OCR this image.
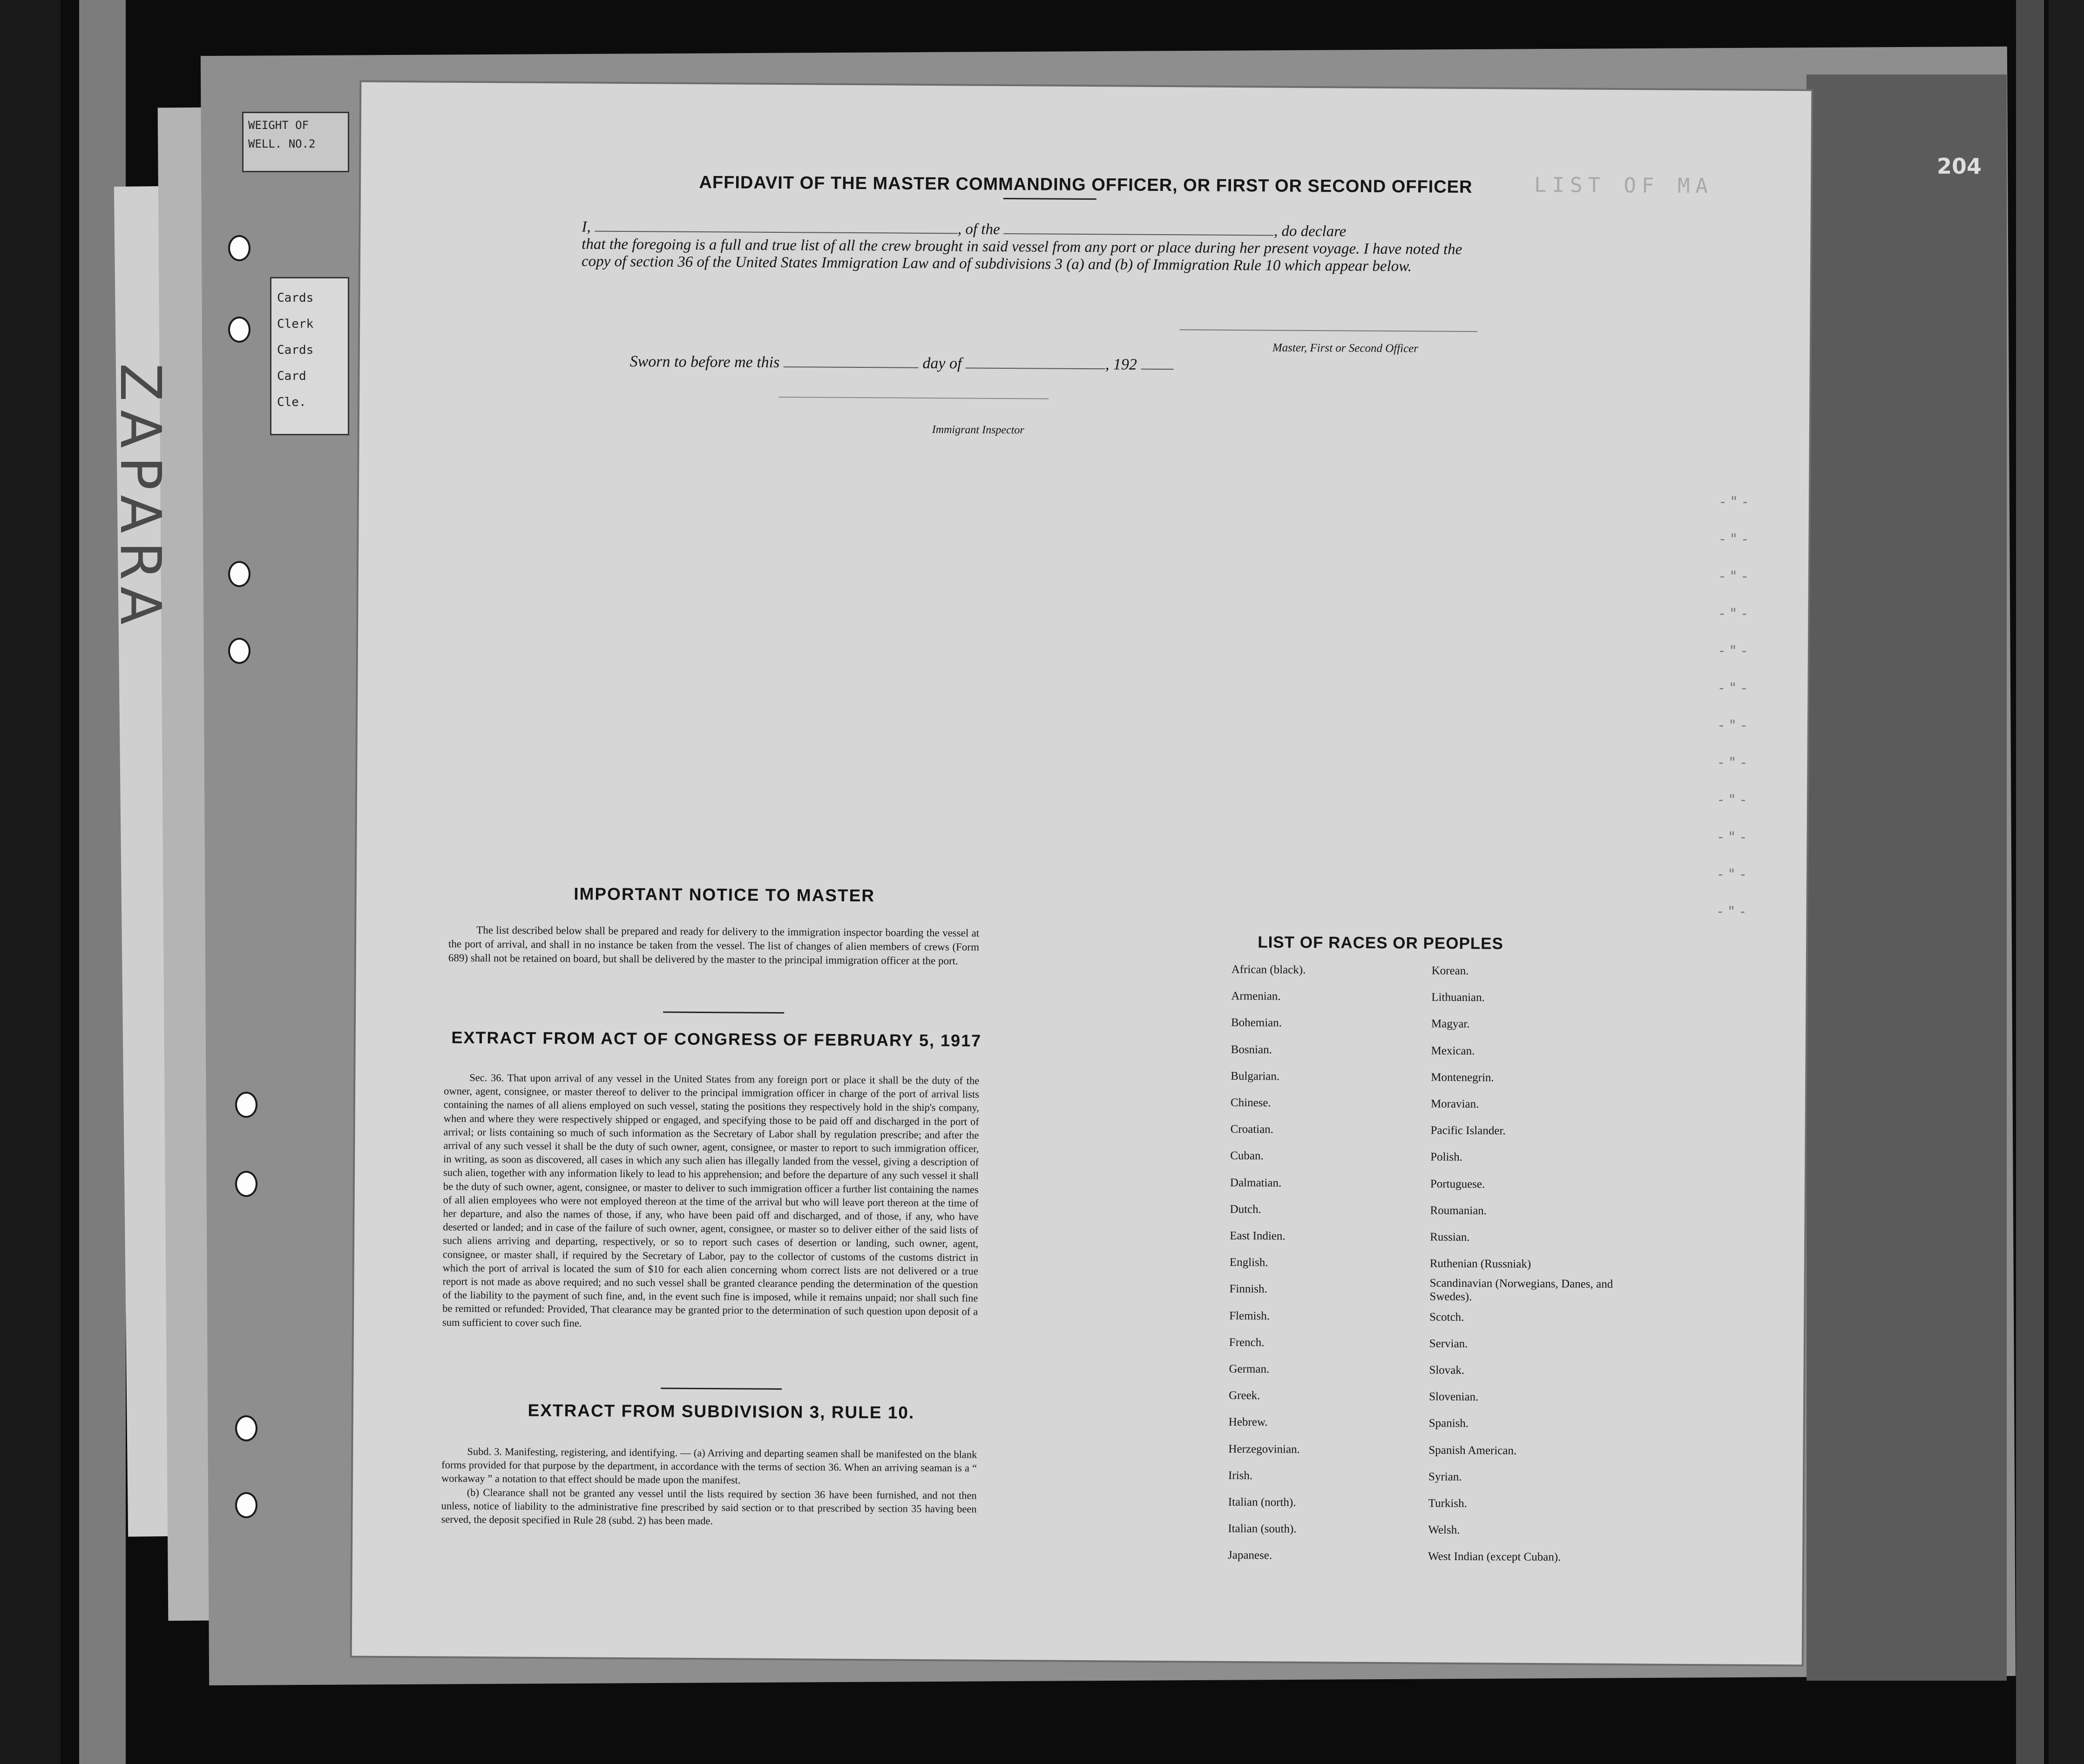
204
WEIGHT OF
WELL. NO.2
Cards
Clerk
Cards
Card
Cle.
ZAPARA
LIST OF MA
-"-
-"-
-"-
-"-
-"-
-"-
-"-
-"-
-"-
-"-
-"-
-"-
AFFIDAVIT OF THE MASTER COMMANDING OFFICER, OR FIRST OR SECOND OFFICER
I,	, of the	, do declare
that the foregoing is a full and true list of all the crew brought in said vessel from any port or place during her present voyage. I have noted the copy of section 36 of the United States Immigration Law and of subdivisions 3 (a) and (b) of Immigration Rule 10 which appear below.
Master, First or Second Officer
Sworn to before me this	day of	, 192
Immigrant Inspector
IMPORTANT NOTICE TO MASTER
The list described below shall be prepared and ready for delivery to the immigration inspector boarding the vessel at the port of arrival, and shall in no instance be taken from the vessel. The list of changes of alien members of crews (Form 689) shall not be retained on board, but shall be delivered by the master to the principal immigration officer at the port.
EXTRACT FROM ACT OF CONGRESS OF FEBRUARY 5, 1917
Sec. 36. That upon arrival of any vessel in the United States from any foreign port or place it shall be the duty of the owner, agent, consignee, or master thereof to deliver to the principal immigration officer in charge of the port of arrival lists containing the names of all aliens employed on such vessel, stating the positions they respectively hold in the ship's company, when and where they were respectively shipped or engaged, and specifying those to be paid off and discharged in the port of arrival; or lists containing so much of such information as the Secretary of Labor shall by regulation prescribe; and after the arrival of any such vessel it shall be the duty of such owner, agent, consignee, or master to report to such immigration officer, in writing, as soon as discovered, all cases in which any such alien has illegally landed from the vessel, giving a description of such alien, together with any information likely to lead to his apprehension; and before the departure of any such vessel it shall be the duty of such owner, agent, consignee, or master to deliver to such immigration officer a further list containing the names of all alien employees who were not employed thereon at the time of the arrival but who will leave port thereon at the time of her departure, and also the names of those, if any, who have been paid off and discharged, and of those, if any, who have deserted or landed; and in case of the failure of such owner, agent, consignee, or master so to deliver either of the said lists of such aliens arriving and departing, respectively, or so to report such cases of desertion or landing, such owner, agent, consignee, or master shall, if required by the Secretary of Labor, pay to the collector of customs of the customs district in which the port of arrival is located the sum of $10 for each alien concerning whom correct lists are not delivered or a true report is not made as above required; and no such vessel shall be granted clearance pending the determination of the question of the liability to the payment of such fine, and, in the event such fine is imposed, while it remains unpaid; nor shall such fine be remitted or refunded: Provided, That clearance may be granted prior to the determination of such question upon deposit of a sum sufficient to cover such fine.
EXTRACT FROM SUBDIVISION 3, RULE 10.
Subd. 3. Manifesting, registering, and identifying. — (a) Arriving and departing seamen shall be manifested on the blank forms provided for that purpose by the department, in accordance with the terms of section 36. When an arriving seaman is a “ workaway ” a notation to that effect should be made upon the manifest.
(b) Clearance shall not be granted any vessel until the lists required by section 36 have been furnished, and not then unless, notice of liability to the administrative fine prescribed by said section or to that prescribed by section 35 having been served, the deposit specified in Rule 28 (subd. 2) has been made.
LIST OF RACES OR PEOPLES
African (black).
Armenian.
Bohemian.
Bosnian.
Bulgarian.
Chinese.
Croatian.
Cuban.
Dalmatian.
Dutch.
East Indien.
English.
Finnish.
Flemish.
French.
German.
Greek.
Hebrew.
Herzegovinian.
Irish.
Italian (north).
Italian (south).
Japanese.
Korean.
Lithuanian.
Magyar.
Mexican.
Montenegrin.
Moravian.
Pacific Islander.
Polish.
Portuguese.
Roumanian.
Russian.
Ruthenian (Russniak)
Scandinavian (Norwegians, Danes, and Swedes).
Scotch.
Servian.
Slovak.
Slovenian.
Spanish.
Spanish American.
Syrian.
Turkish.
Welsh.
West Indian (except Cuban).
